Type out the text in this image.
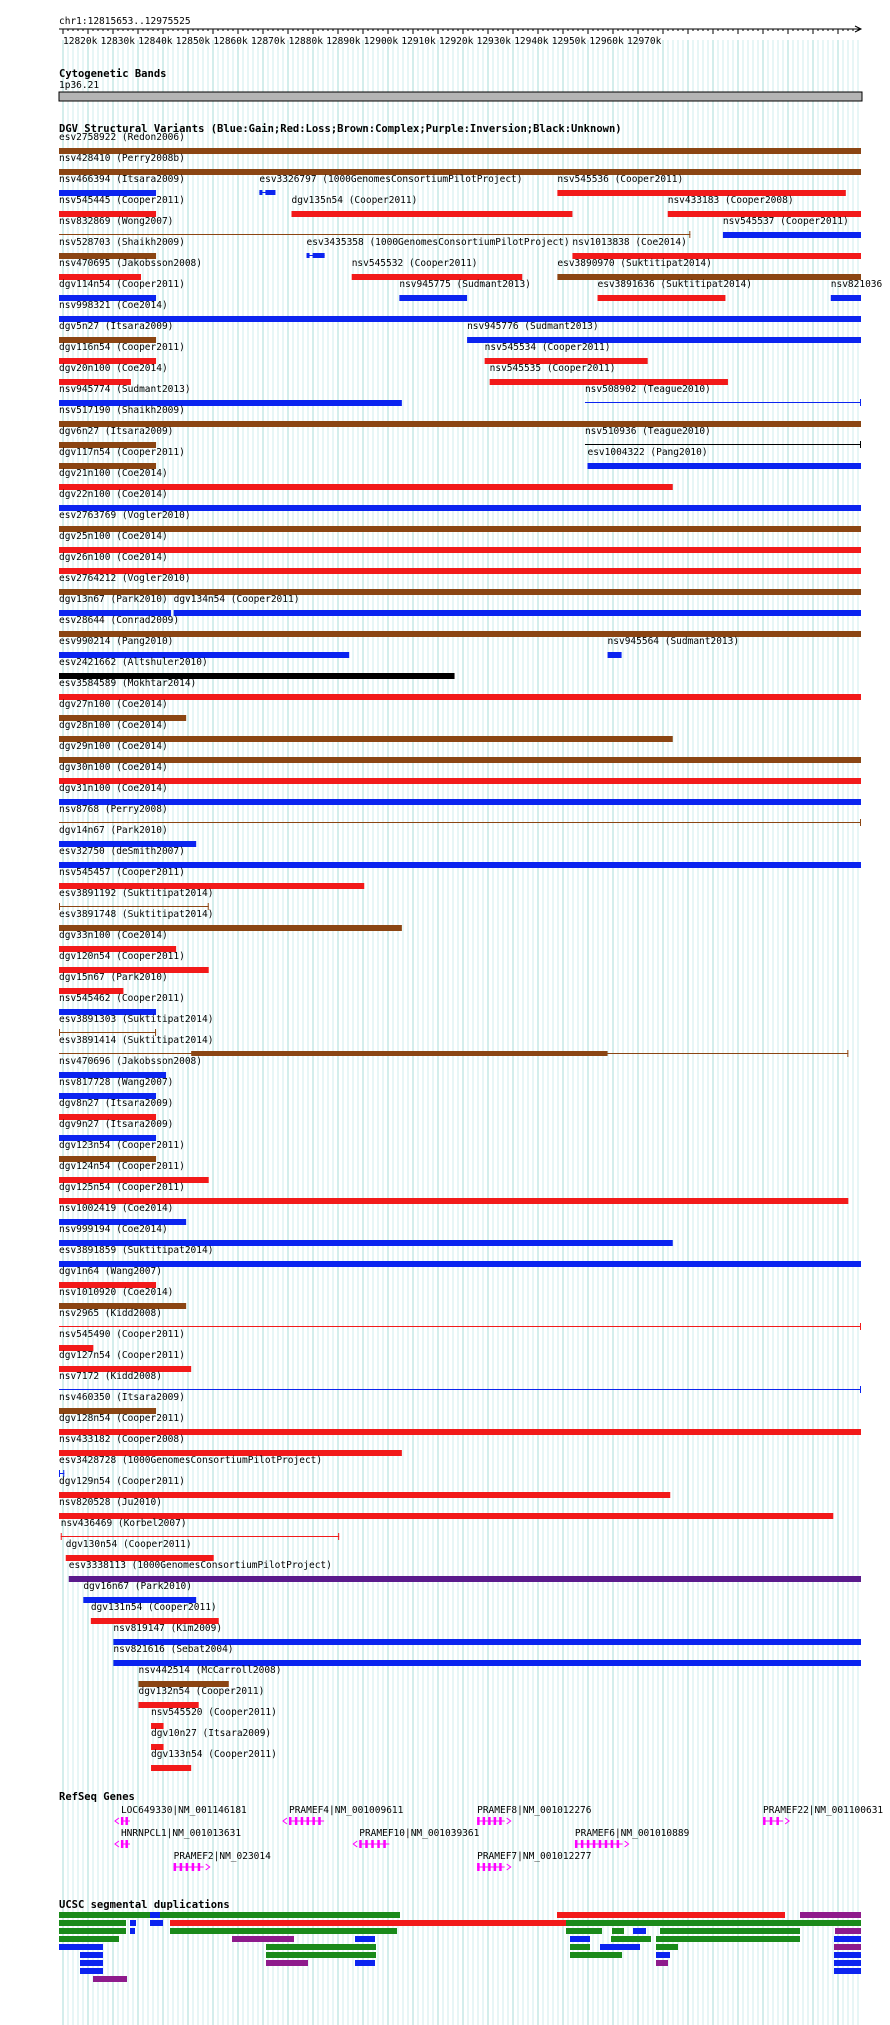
chr1:12815653..12975525
12820k 12830k 12840k 12850k 12860k 12870k 12880k 12890k 12900k 12910k 12920k 12930k 12940k 12950k 12960k 12970k
Cytogenetic Bands
1p36.21
DGV Structural Variants (Blue:Gain;Red:Loss;Brown:Complex;Purple:Inversion;Black:Unknown)
esv2758922 (Redon2006)
nsv428410 (Perry2008b)
nsv466394 (Itsara2009)	esv3326797 (1000GenomesConsortiumPilotProject)	nsv545536 (Cooper2011)
nsv545445 (Cooper2011)	dgv135n54 (Cooper2011)	nsv433183 (Cooper2008)
nsv832869 (Wong2007)	nsv545537 (Cooper2011)
nsv528703 (Shaikh2009)	esv3435358 (1000GenomesConsortiumPilotProject) nsv1013838 (Coe2014)
nsv470695 (Jakobsson2008)	nsv545532 (Cooper2011)	esv3890970 (Suktitipat2014)
dgv114n54 (Cooper2011)	nsv945775 (Sudmant2013)	esv3891636 (Suktitipat2014)	nsv821036
nsv998321 (Coe2014)
dgv5n27 (Itsara2009)	nsv945776 (Sudmant2013)
dgv116n54 (Cooper2011)	nsv545534 (Cooper2011)
dgv20n100 (Coe2014)	nsv545535 (Cooper2011)
nsv945774 (Sudmant2013)	nsv508902 (Teague2010)
nsv517190 (Shaikh2009)
dgv6n27 (Itsara2009)	nsv510936 (Teague2010)
dgv117n54 (Cooper2011)	esv1004322 (Pang2010)
dgv21n100 (Coe2014)
dgv22n100 (Coe2014)
esv2763769 (Vogler2010)
dgv25n100 (Coe2014)
dgv26n100 (Coe2014)
esv2764212 (Vogler2010)
dgv13n67 (Park2010) dgv134n54 (Cooper2011)
esv28644 (Conrad2009)
esv990214 (Pang2010)	nsv945564 (Sudmant2013)
esv2421662 (Altshuler2010)
esv3584589 (Mokhtar2014)
dgv27n100 (Coe2014)
dgv28n100 (Coe2014)
dgv29n100 (Coe2014)
dgv30n100 (Coe2014)
dgv31n100 (Coe2014)
nsv8768 (Perry2008)
dgv14n67 (Park2010)
esv32750 (deSmith2007)
nsv545457 (Cooper2011)
esv3891192 (Suktitipat2014)
esv3891748 (Suktitipat2014)
dgv33n100 (Coe2014)
dgv120n54 (Cooper2011)
dgv15n67 (Park2010)
nsv545462 (Cooper2011)
esv3891303 (Suktitipat2014)
esv3891414 (Suktitipat2014)
nsv470696 (Jakobsson2008)
nsv817728 (Wang2007)
dgv8n27 (Itsara2009)
dgv9n27 (Itsara2009)
dgv123n54 (Cooper2011)
dgv124n54 (Cooper2011)
dgv125n54 (Cooper2011)
nsv1002419 (Coe2014)
nsv999194 (Coe2014)
esv3891859 (Suktitipat2014)
dgv1n64 (Wang2007)
nsv1010920 (Coe2014)
nsv2965 (Kidd2008)
nsv545490 (Cooper2011)
dgv127n54 (Cooper2011)
nsv7172 (Kidd2008)
nsv460350 (Itsara2009)
dgv128n54 (Cooper2011)
nsv433182 (Cooper2008)
esv3428728 (1000GenomesConsortiumPilotProject)
dgv129n54 (Cooper2011)
nsv820528 (Ju2010)
nsv436469 (Korbel2007)
dgv130n54 (Cooper2011)
esv3338113 (1000GenomesConsortiumPilotProject)
dgv16n67 (Park2010)
dgv131n54 (Cooper2011)
nsv819147 (Kim2009)
nsv821616 (Sebat2004)
nsv442514 (McCarroll2008)
dgv132n54 (Cooper2011)
nsv545520 (Cooper2011)
dgv10n27 (Itsara2009)
dgv133n54 (Cooper2011)
RefSeq Genes
LOC649330|NM_001146181	PRAMEF4|NM_001009611	PRAMEF8|NM_001012276	PRAMEF22|NM_001100631
HNRNPCL1|NM_001013631	PRAMEF10|NM_001039361	PRAMEF6|NM_001010889
PRAMEF2|NM_023014	PRAMEF7|NM_001012277
UCSC segmental duplications
